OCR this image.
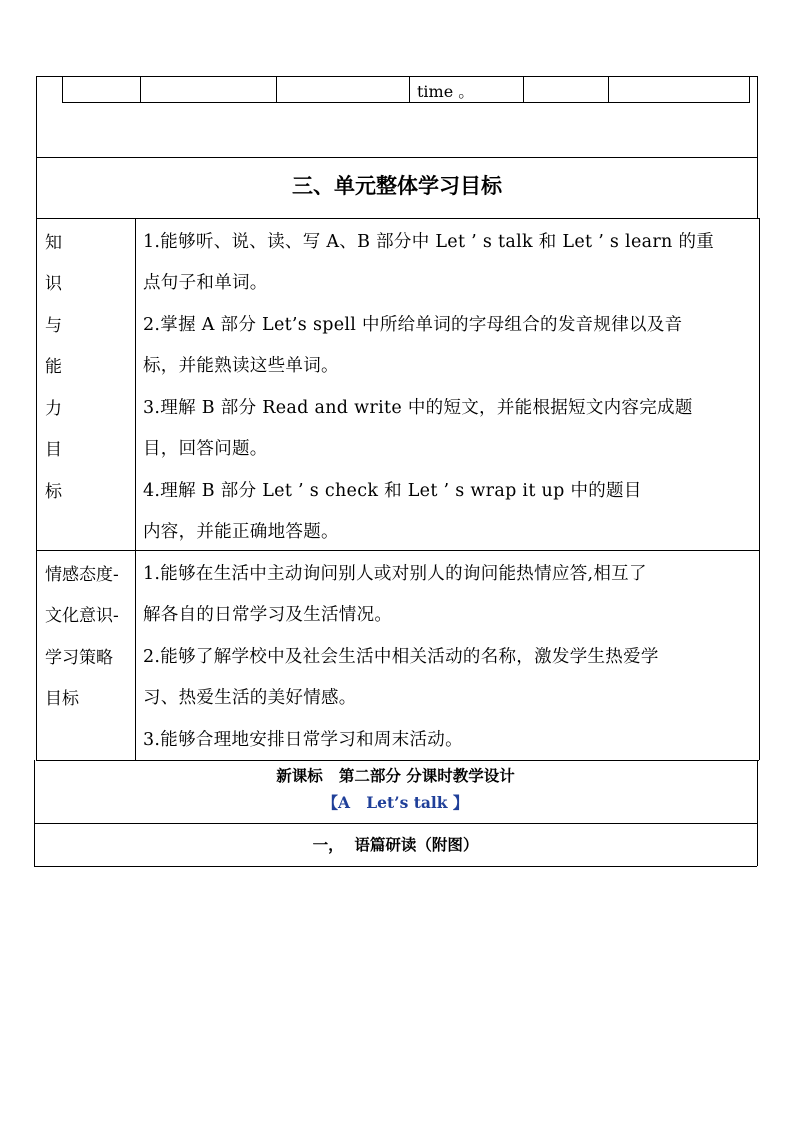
time 。
三、单元整体学习目标
知
识
与
能
力
目
标
1.能够听、说、读、写 A、B 部分中 Let ’ s talk 和 Let ’ s learn 的重
点句子和单词。
2.掌握 A 部分 Let’s spell 中所给单词的字母组合的发音规律以及音
标，并能熟读这些单词。
3.理解 B 部分 Read and write 中的短文，并能根据短文内容完成题
目，回答问题。
4.理解 B 部分 Let ’ s check 和 Let ’ s wrap it up 中的题目
内容，并能正确地答题。
情感态度-
文化意识-
学习策略
目标
1.能够在生活中主动询问别人或对别人的询问能热情应答,相互了
解各自的日常学习及生活情况。
2.能够了解学校中及社会生活中相关活动的名称，激发学生热爱学
习、热爱生活的美好情感。
3.能够合理地安排日常学习和周末活动。
新课标   第二部分 分课时教学设计
【A   Let’s talk 】
一，  语篇研读（附图）
